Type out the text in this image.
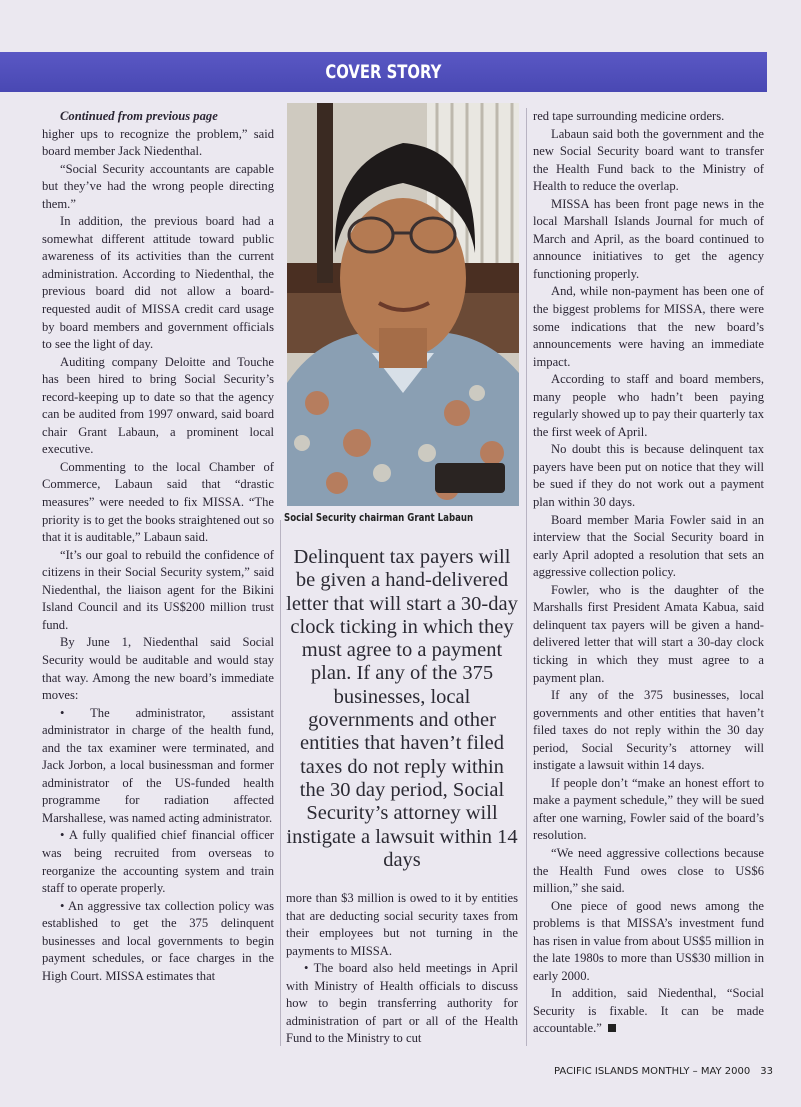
COVER STORY

Continued from previous page

higher ups to recognize the problem,” said board member Jack Niedenthal.

“Social Security accountants are capable but they’ve had the wrong people directing them.”

In addition, the previous board had a somewhat different attitude toward public awareness of its activities than the current administration. According to Niedenthal, the previous board did not allow a board-requested audit of MISSA credit card usage by board members and government officials to see the light of day.

Auditing company Deloitte and Touche has been hired to bring Social Security’s record-keeping up to date so that the agency can be audited from 1997 onward, said board chair Grant Labaun, a prominent local executive.

Commenting to the local Chamber of Commerce, Labaun said that “drastic measures” were needed to fix MISSA. “The priority is to get the books straightened out so that it is auditable,” Labaun said.

“It’s our goal to rebuild the confidence of citizens in their Social Security system,” said Niedenthal, the liaison agent for the Bikini Island Council and its US$200 million trust fund.

By June 1, Niedenthal said Social Security would be auditable and would stay that way. Among the new board’s immediate moves:

• The administrator, assistant administrator in charge of the health fund, and the tax examiner were terminated, and Jack Jorbon, a local businessman and former administrator of the US-funded health programme for radiation affected Marshallese, was named acting administrator.

• A fully qualified chief financial officer was being recruited from overseas to reorganize the accounting system and train staff to operate properly.

• An aggressive tax collection policy was established to get the 375 delinquent businesses and local governments to begin payment schedules, or face charges in the High Court. MISSA estimates that

Social Security chairman Grant Labaun
Delinquent tax payers will be given a hand-delivered letter that will start a 30-day clock ticking in which they must agree to a payment plan. If any of the 375 businesses, local governments and other entities that haven’t filed taxes do not reply within the 30 day period, Social Security’s attorney will instigate a lawsuit within 14 days

more than $3 million is owed to it by entities that are deducting social security taxes from their employees but not turning in the payments to MISSA.

• The board also held meetings in April with Ministry of Health officials to discuss how to begin transferring authority for administration of part or all of the Health Fund to the Ministry to cut

red tape surrounding medicine orders.

Labaun said both the government and the new Social Security board want to transfer the Health Fund back to the Ministry of Health to reduce the overlap.

MISSA has been front page news in the local Marshall Islands Journal for much of March and April, as the board continued to announce initiatives to get the agency functioning properly.

And, while non-payment has been one of the biggest problems for MISSA, there were some indications that the new board’s announcements were having an immediate impact.

According to staff and board members, many people who hadn’t been paying regularly showed up to pay their quarterly tax the first week of April.

No doubt this is because delinquent tax payers have been put on notice that they will be sued if they do not work out a payment plan within 30 days.

Board member Maria Fowler said in an interview that the Social Security board in early April adopted a resolution that sets an aggressive collection policy.

Fowler, who is the daughter of the Marshalls first President Amata Kabua, said delinquent tax payers will be given a hand-delivered letter that will start a 30-day clock ticking in which they must agree to a payment plan.

If any of the 375 businesses, local governments and other entities that haven’t filed taxes do not reply within the 30 day period, Social Security’s attorney will instigate a lawsuit within 14 days.

If people don’t “make an honest effort to make a payment schedule,” they will be sued after one warning, Fowler said of the board’s resolution.

“We need aggressive collections because the Health Fund owes close to US$6 million,” she said.

One piece of good news among the problems is that MISSA’s investment fund has risen in value from about US$5 million in the late 1980s to more than US$30 million in early 2000.

In addition, said Niedenthal, “Social Security is fixable. It can be made accountable.”

PACIFIC ISLANDS MONTHLY – MAY 2000 33
